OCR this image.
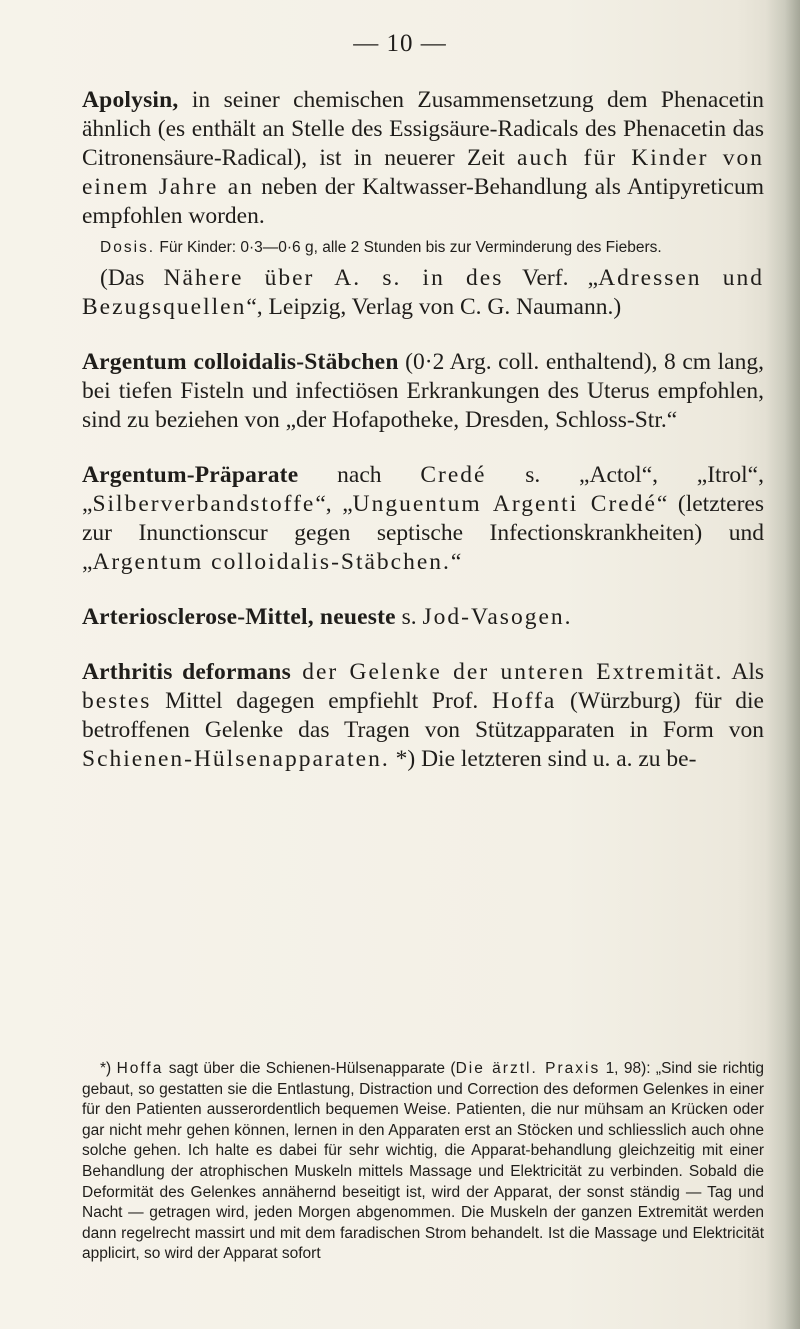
— 10 —

Apolysin, in seiner chemischen Zusammensetzung dem Phenacetin ähnlich (es enthält an Stelle des Essigsäure-Radicals des Phenacetin das Citronensäure-Radical), ist in neuerer Zeit auch für Kinder von einem Jahre an neben der Kaltwasser-Behandlung als Antipyreticum empfohlen worden.

Dosis. Für Kinder: 0·3—0·6 g, alle 2 Stunden bis zur Verminderung des Fiebers.

(Das Nähere über A. s. in des Verf. „Adressen und Bezugsquellen“, Leipzig, Verlag von C. G. Naumann.)

Argentum colloidalis-Stäbchen (0·2 Arg. coll. enthaltend), 8 cm lang, bei tiefen Fisteln und infectiösen Erkrankungen des Uterus empfohlen, sind zu beziehen von „der Hofapotheke, Dresden, Schloss-Str.“

Argentum-Präparate nach Credé s. „Actol“, „Itrol“, „Silberverbandstoffe“, „Unguentum Argenti Credé“ (letzteres zur Inunctionscur gegen septische Infectionskrankheiten) und „Argentum colloidalis-Stäbchen.“

Arteriosclerose-Mittel, neueste s. Jod-Vasogen.

Arthritis deformans der Gelenke der unteren Extremität. Als bestes Mittel dagegen empfiehlt Prof. Hoffa (Würzburg) für die betroffenen Gelenke das Tragen von Stützapparaten in Form von Schienen-Hülsenapparaten. *) Die letzteren sind u. a. zu be-

*) Hoffa sagt über die Schienen-Hülsenapparate (Die ärztl. Praxis 1, 98): „Sind sie richtig gebaut, so gestatten sie die Entlastung, Distraction und Correction des deformen Gelenkes in einer für den Patienten ausserordentlich bequemen Weise. Patienten, die nur mühsam an Krücken oder gar nicht mehr gehen können, lernen in den Apparaten erst an Stöcken und schliesslich auch ohne solche gehen. Ich halte es dabei für sehr wichtig, die Apparat-behandlung gleichzeitig mit einer Behandlung der atrophischen Muskeln mittels Massage und Elektricität zu verbinden. Sobald die Deformität des Gelenkes annähernd beseitigt ist, wird der Apparat, der sonst ständig — Tag und Nacht — getragen wird, jeden Morgen abgenommen. Die Muskeln der ganzen Extremität werden dann regelrecht massirt und mit dem faradischen Strom behandelt. Ist die Massage und Elektricität applicirt, so wird der Apparat sofort
